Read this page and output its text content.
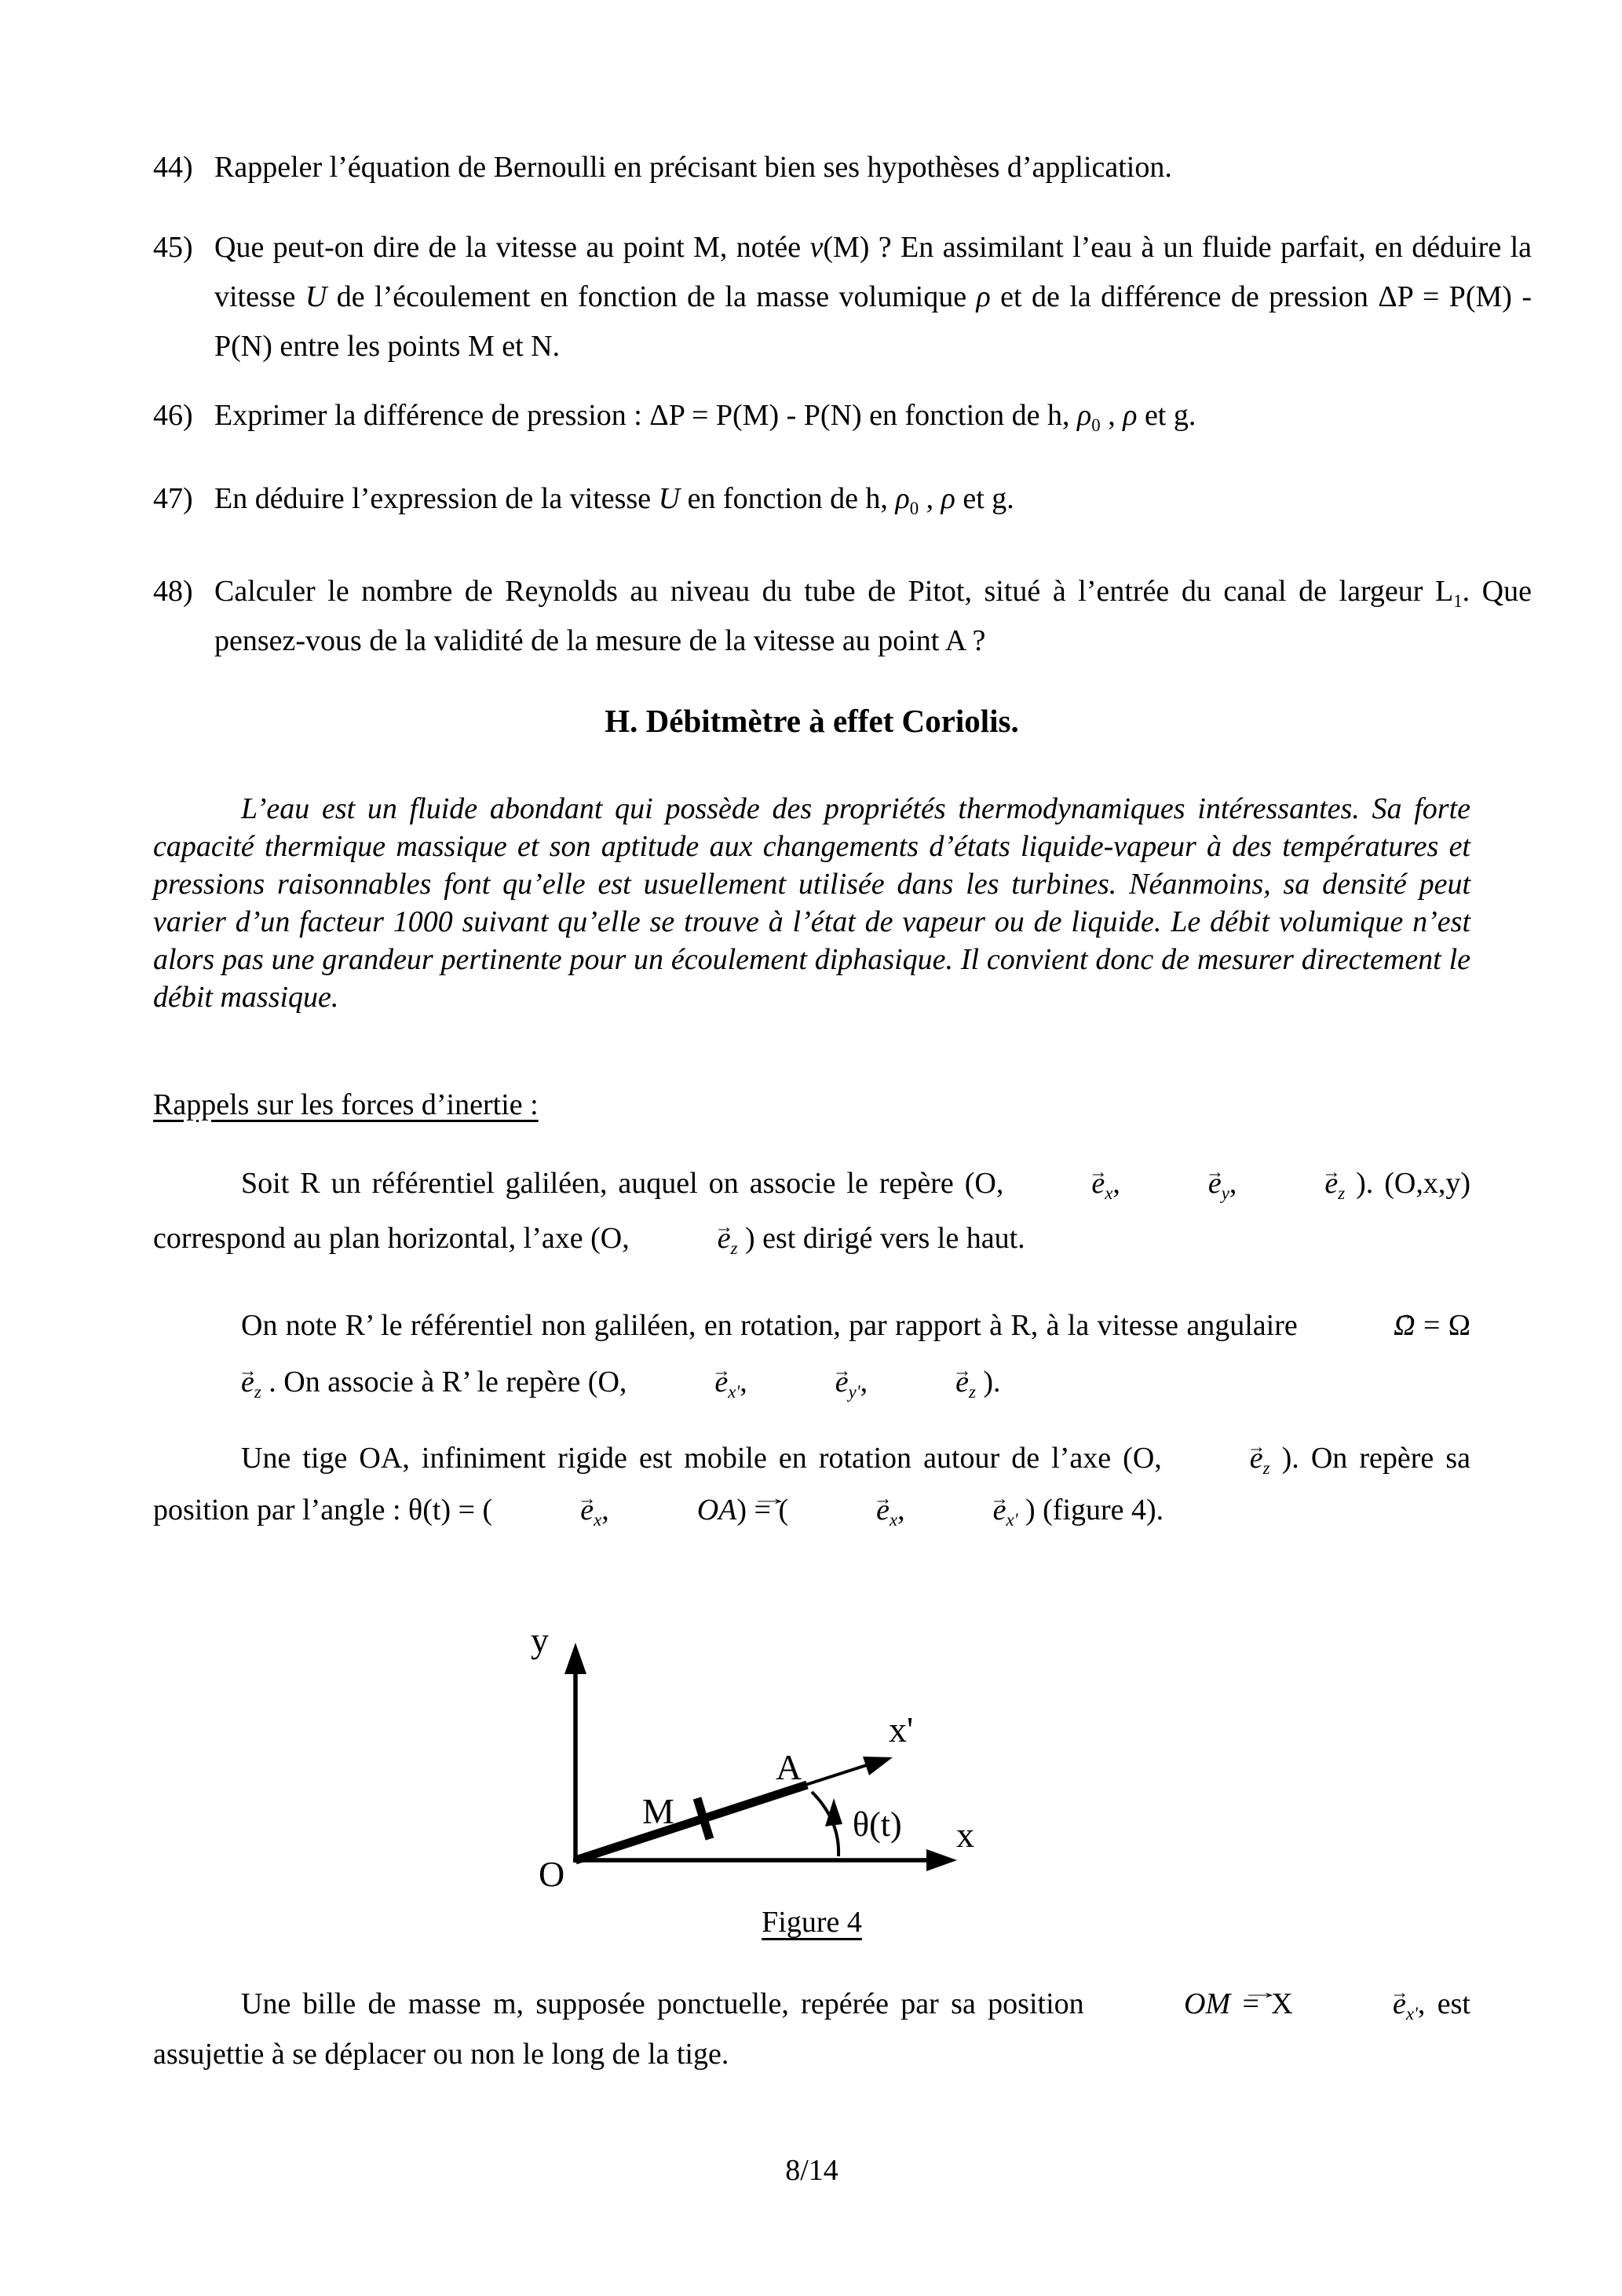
44) Rappeler l’équation de Bernoulli en précisant bien ses hypothèses d’application.
45) Que peut-on dire de la vitesse au point M, notée v(M) ? En assimilant l’eau à un fluide parfait, en déduire la vitesse U de l’écoulement en fonction de la masse volumique ρ et de la différence de pression ΔP = P(M) - P(N) entre les points M et N.
46) Exprimer la différence de pression : ΔP = P(M) - P(N) en fonction de h, $\rho_0$ , ρ et g.
47) En déduire l’expression de la vitesse U en fonction de h, $\rho_0$ , ρ et g.
48) Calculer le nombre de Reynolds au niveau du tube de Pitot, situé à l’entrée du canal de largeur $L_1$. Que pensez-vous de la validité de la mesure de la vitesse au point A ?
H. Débitmètre à effet Coriolis.
L’eau est un fluide abondant qui possède des propriétés thermodynamiques intéressantes. Sa forte capacité thermique massique et son aptitude aux changements d’états liquide-vapeur à des températures et pressions raisonnables font qu’elle est usuellement utilisée dans les turbines. Néanmoins, sa densité peut varier d’un facteur 1000 suivant qu’elle se trouve à l’état de vapeur ou de liquide. Le débit volumique n’est alors pas une grandeur pertinente pour un écoulement diphasique. Il convient donc de mesurer directement le débit massique.
Rappels sur les forces d’inertie :
Soit R un référentiel galiléen, auquel on associe le repère (O,	→ $e_x$,	→ $e_y$,	→ $e_z$ ). (O,x,y) correspond au plan horizontal, l’axe (O,	→ $e_z$ ) est dirigé vers le haut.
On note R’ le référentiel non galiléen, en rotation, par rapport à R, à la vitesse angulaire	→ $\Omega = \Omega \to e_z$ . On associe à R’ le repère (O,	→ $e_{x'}$,	→ $e_{y'}$,	→ $e_z$ ).
Une tige OA, infiniment rigide est mobile en rotation autour de l’axe (O,	→ $e_z$ ). On repère sa position par l’angle : θ(t) = (	→ $e_x$,	→ OA) = (	→ $e_x$,	→ $e_{x'}$ ) (figure 4).
y
x
O
x'
A
M	θ(t)
Figure 4
Une bille de masse m, supposée ponctuelle, repérée par sa position	→ OM = X	→ $e_{x'}$, est assujettie à se déplacer ou non le long de la tige.
8/14
